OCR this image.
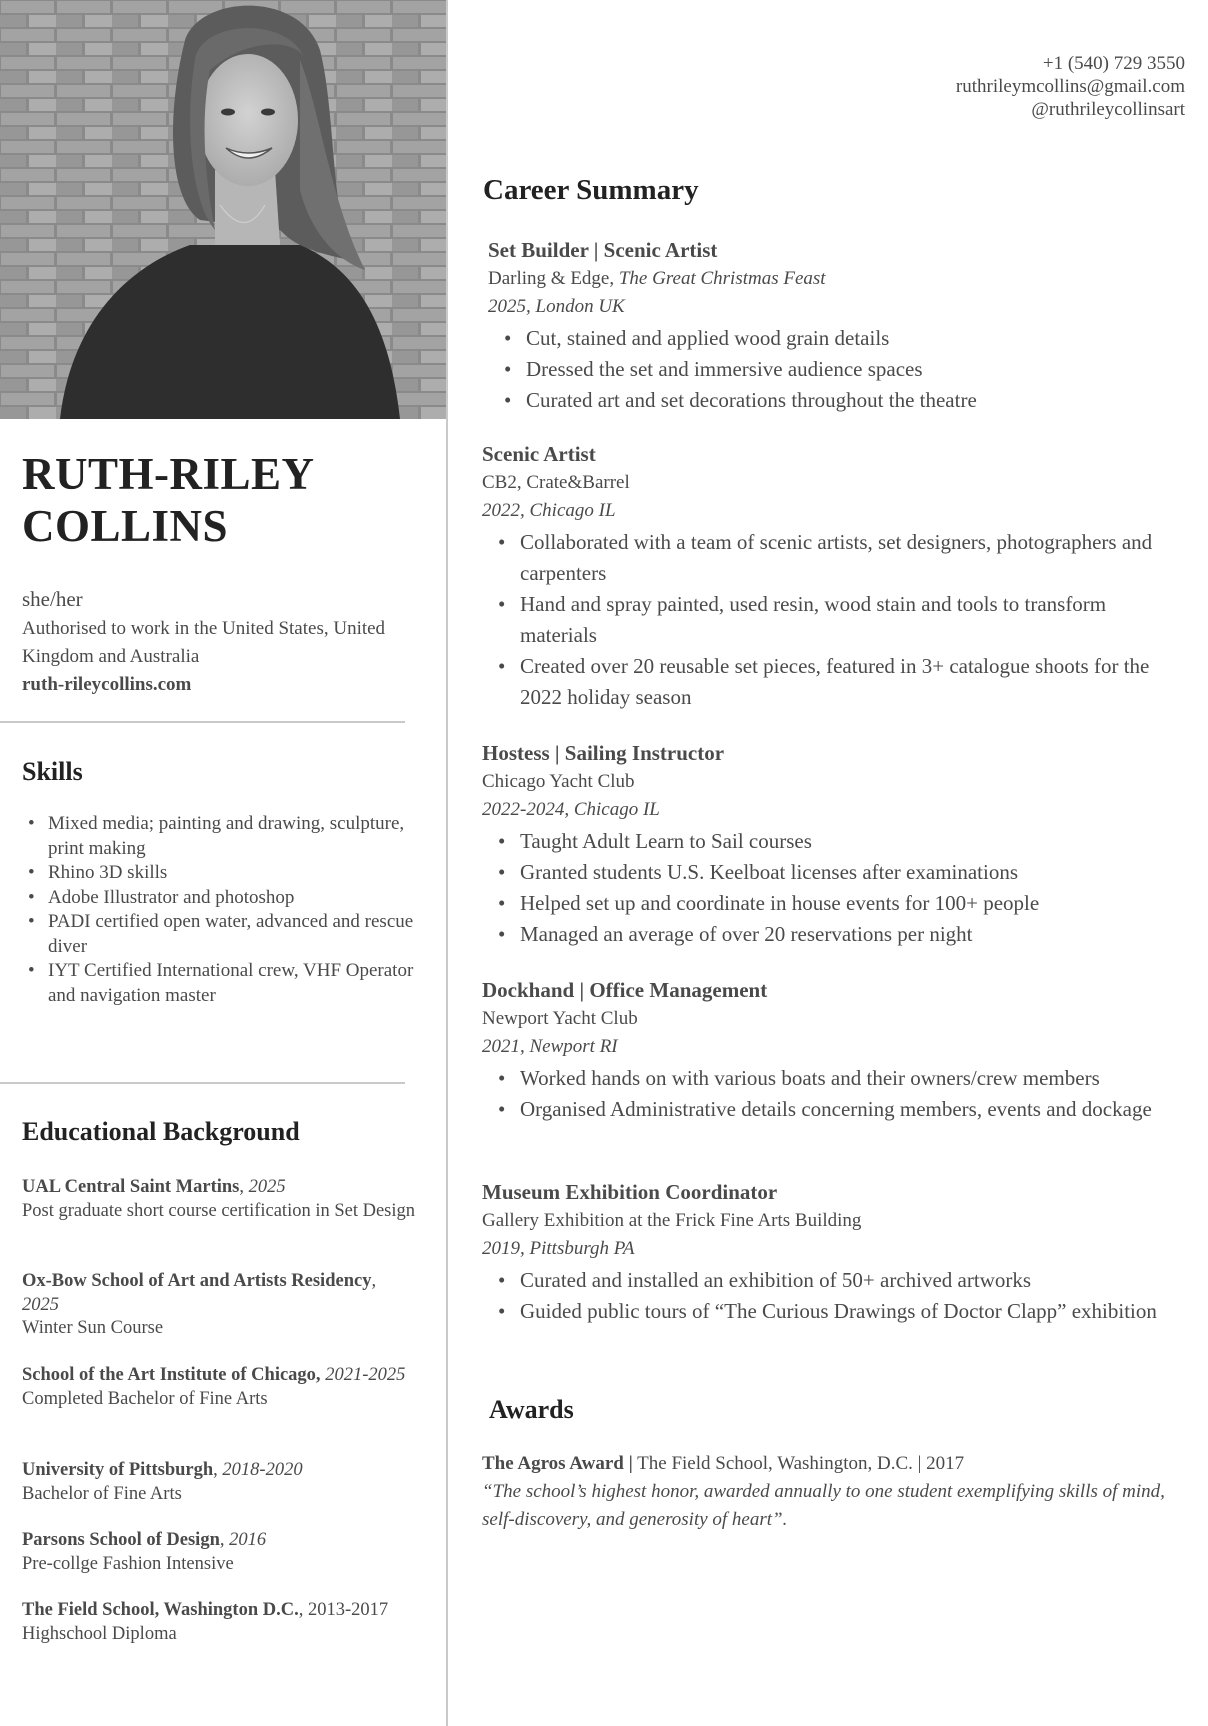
RUTH-RILEY
COLLINS
she/her
Authorised to work in the United States, United Kingdom and Australia
ruth-rileycollins.com
Skills
• Mixed media; painting and drawing, sculpture, print making
• Rhino 3D skills
• Adobe Illustrator and photoshop
• PADI certified open water, advanced and rescue diver
• IYT Certified International crew, VHF Operator and navigation master
Educational Background
UAL Central Saint Martins, 2025
Post graduate short course certification in Set Design
Ox-Bow School of Art and Artists Residency, 2025
Winter Sun Course
School of the Art Institute of Chicago, 2021-2025
Completed Bachelor of Fine Arts
University of Pittsburgh, 2018-2020
Bachelor of Fine Arts
Parsons School of Design, 2016
Pre-collge Fashion Intensive
The Field School, Washington D.C., 2013-2017
Highschool Diploma
+1 (540) 729 3550
ruthrileymcollins@gmail.com
@ruthrileycollinsart
Career Summary
Set Builder | Scenic Artist
Darling & Edge, The Great Christmas Feast
2025, London UK
• Cut, stained and applied wood grain details
• Dressed the set and immersive audience spaces
• Curated art and set decorations throughout the theatre
Scenic Artist
CB2, Crate&Barrel
2022, Chicago IL
• Collaborated with a team of scenic artists, set designers, photographers and carpenters
• Hand and spray painted, used resin, wood stain and tools to transform materials
• Created over 20 reusable set pieces, featured in 3+ catalogue shoots for the 2022 holiday season
Hostess | Sailing Instructor
Chicago Yacht Club
2022-2024, Chicago IL
• Taught Adult Learn to Sail courses
• Granted students U.S. Keelboat licenses after examinations
• Helped set up and coordinate in house events for 100+ people
• Managed an average of over 20 reservations per night
Dockhand | Office Management
Newport Yacht Club
2021, Newport RI
• Worked hands on with various boats and their owners/crew members
• Organised Administrative details concerning members, events and dockage
Museum Exhibition Coordinator
Gallery Exhibition at the Frick Fine Arts Building
2019, Pittsburgh PA
• Curated and installed an exhibition of 50+ archived artworks
• Guided public tours of “The Curious Drawings of Doctor Clapp” exhibition
Awards
The Agros Award | The Field School, Washington, D.C. | 2017
“The school’s highest honor, awarded annually to one student exemplifying skills of mind, self-discovery, and generosity of heart”.
